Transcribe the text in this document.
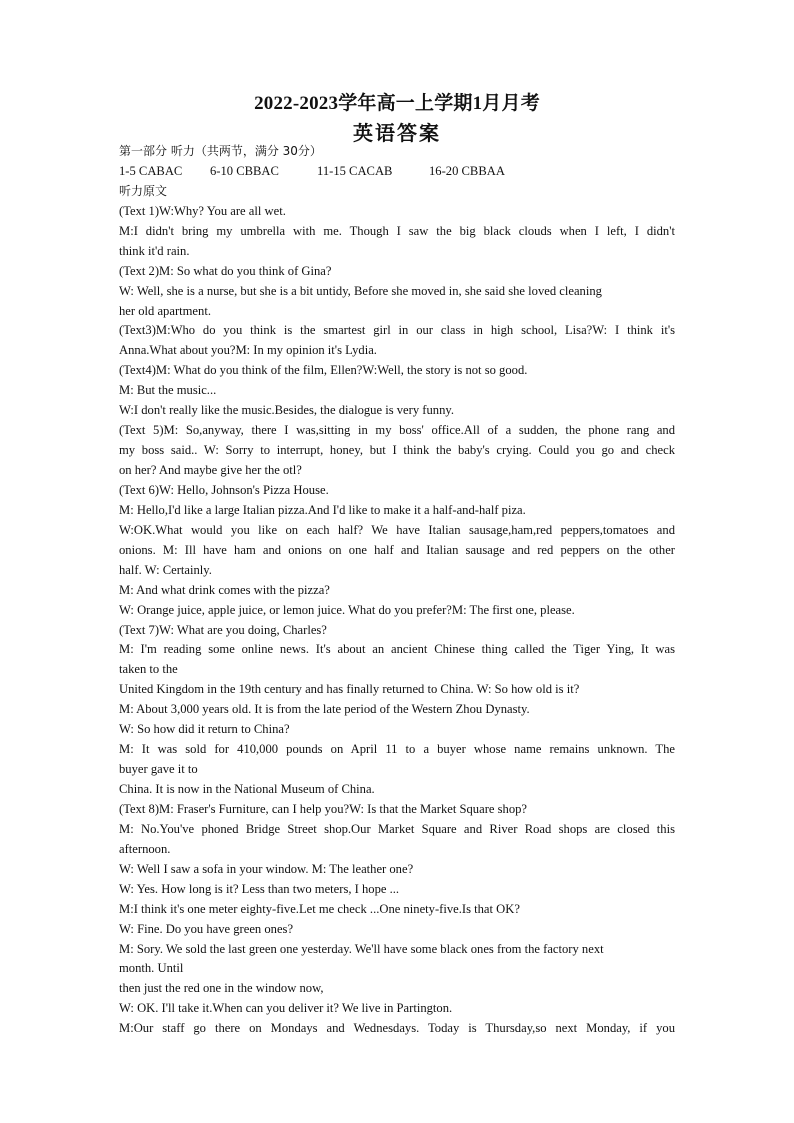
2022-2023学年高一上学期1月月考
英语答案
第一部分 听力（共两节，满分 30分）
1-5 CABAC 6-10 CBBAC	11-15 CACAB	16-20 CBBAA
听力原文
(Text 1)W:Why? You are all wet.
M:I didn't bring my umbrella with me. Though I saw the big black clouds when I left, I didn't
think it'd rain.
(Text 2)M: So what do you think of Gina?
W: Well, she is a nurse, but she is a bit untidy, Before she moved in, she said she loved cleaning
her old apartment.
(Text3)M:Who do you think is the smartest girl in our class in high school, Lisa?W: I think it's
Anna.What about you?M: In my opinion it's Lydia.
(Text4)M: What do you think of the film, Ellen?W:Well, the story is not so good.
M: But the music...
W:I don't really like the music.Besides, the dialogue is very funny.
(Text 5)M: So,anyway, there I was,sitting in my boss' office.All of a sudden, the phone rang and
my boss said.. W: Sorry to interrupt, honey, but I think the baby's crying. Could you go and check
on her? And maybe give her the otl?
(Text 6)W: Hello, Johnson's Pizza House.
M: Hello,I'd like a large Italian pizza.And I'd like to make it a half-and-half piza.
W:OK.What would you like on each half? We have Italian sausage,ham,red peppers,tomatoes and
onions. M: Ill have ham and onions on one half and Italian sausage and red peppers on the other
half. W: Certainly.
M: And what drink comes with the pizza?
W: Orange juice, apple juice, or lemon juice. What do you prefer?M: The first one, please.
(Text 7)W: What are you doing, Charles?
M: I'm reading some online news. It's about an ancient Chinese thing called the Tiger Ying, It was
taken to the
United Kingdom in the 19th century and has finally returned to China. W: So how old is it?
M: About 3,000 years old. It is from the late period of the Western Zhou Dynasty.
W: So how did it return to China?
M: It was sold for 410,000 pounds on April 11 to a buyer whose name remains unknown. The
buyer gave it to
China. It is now in the National Museum of China.
(Text 8)M: Fraser's Furniture, can I help you?W: Is that the Market Square shop?
M: No.You've phoned Bridge Street shop.Our Market Square and River Road shops are closed this
afternoon.
W: Well I saw a sofa in your window. M: The leather one?
W: Yes. How long is it? Less than two meters, I hope ...
M:I think it's one meter eighty-five.Let me check ...One ninety-five.Is that OK?
W: Fine. Do you have green ones?
M: Sory. We sold the last green one yesterday. We'll have some black ones from the factory next
month. Until
then just the red one in the window now,
W: OK. I'll take it.When can you deliver it? We live in Partington.
M:Our staff go there on Mondays and Wednesdays. Today is Thursday,so next Monday, if you
